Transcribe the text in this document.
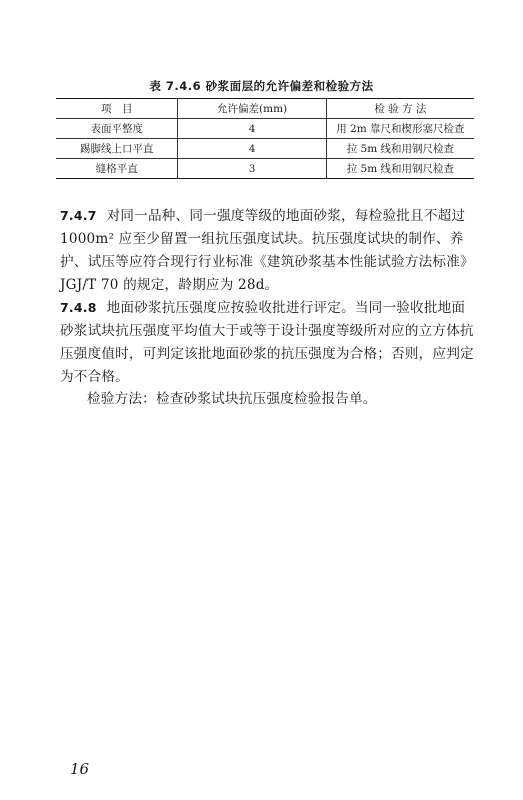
表 7.4.6 砂浆面层的允许偏差和检验方法
项　目	允许偏差(mm)	检 验 方 法
表面平整度	4	用 2m 靠尺和楔形塞尺检查
踢脚线上口平直	4	拉 5m 线和用钢尺检查
缝格平直	3	拉 5m 线和用钢尺检查
7.4.7 对同一品种、同一强度等级的地面砂浆，每检验批且不超过 1000m² 应至少留置一组抗压强度试块。抗压强度试块的制作、养护、试压等应符合现行行业标准《建筑砂浆基本性能试验方法标准》JGJ/T 70 的规定，龄期应为 28d。
7.4.8 地面砂浆抗压强度应按验收批进行评定。当同一验收批地面砂浆试块抗压强度平均值大于或等于设计强度等级所对应的立方体抗压强度值时，可判定该批地面砂浆的抗压强度为合格；否则，应判定为不合格。
检验方法：检查砂浆试块抗压强度检验报告单。
16
